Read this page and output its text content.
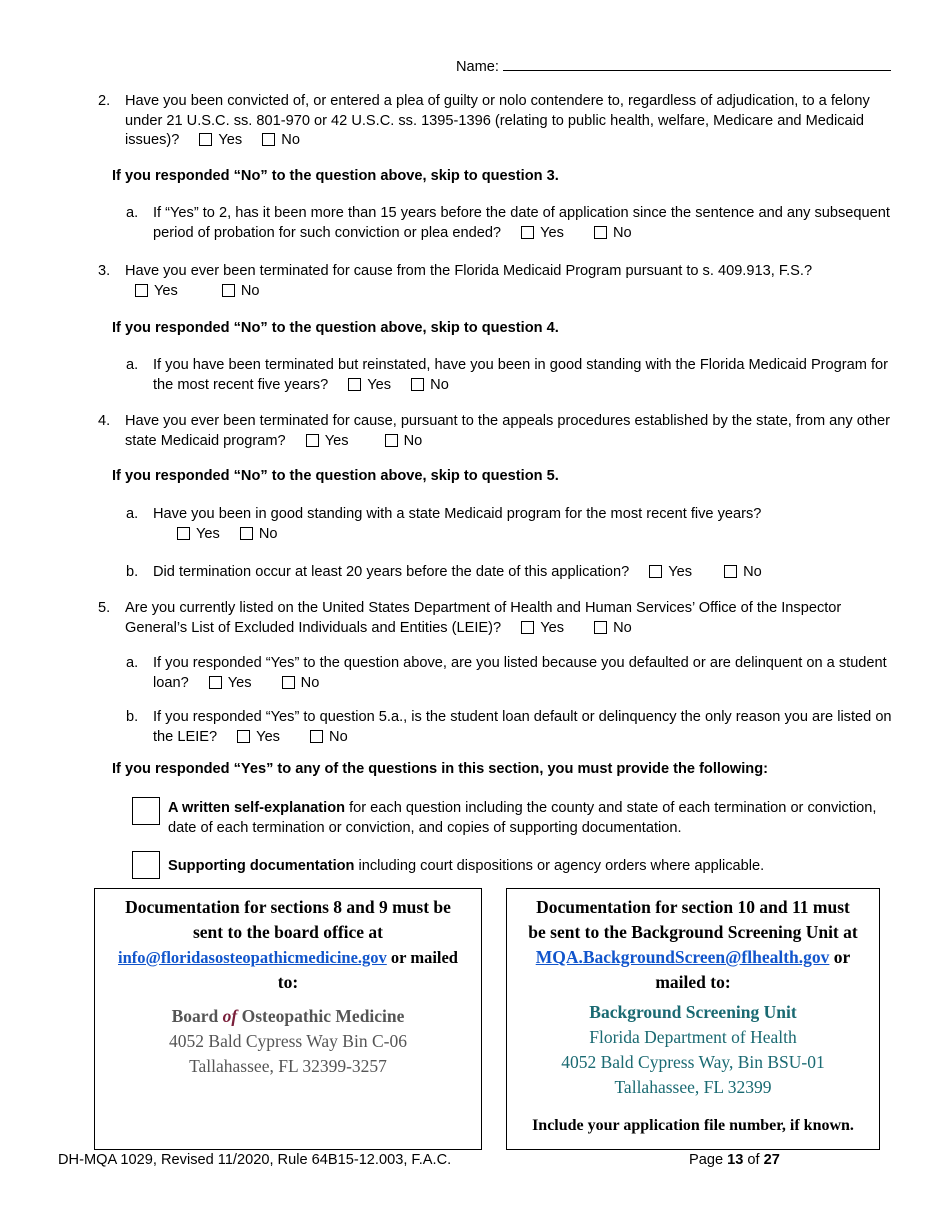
Name:
2.	Have you been convicted of, or entered a plea of guilty or nolo contendere to, regardless of adjudication, to a felony under 21 U.S.C. ss. 801-970 or 42 U.S.C. ss. 1395-1396 (relating to public health, welfare, Medicare and Medicaid issues)?	Yes	No
If you responded “No” to the question above, skip to question 3.
a. If “Yes” to 2, has it been more than 15 years before the date of application since the sentence and any subsequent period of probation for such conviction or plea ended?	Yes	No
3.	Have you ever been terminated for cause from the Florida Medicaid Program pursuant to s. 409.913, F.S.?
Yes	No
If you responded “No” to the question above, skip to question 4.
a. If you have been terminated but reinstated, have you been in good standing with the Florida Medicaid Program for the most recent five years?	Yes	No
4.	Have you ever been terminated for cause, pursuant to the appeals procedures established by the state, from any other state Medicaid program?	Yes	No
If you responded “No” to the question above, skip to question 5.
a. Have you been in good standing with a state Medicaid program for the most recent five years?
Yes	No
b. Did termination occur at least 20 years before the date of this application?	Yes	No
5.	Are you currently listed on the United States Department of Health and Human Services’ Office of the Inspector General’s List of Excluded Individuals and Entities (LEIE)?	Yes	No
a. If you responded “Yes” to the question above, are you listed because you defaulted or are delinquent on a student loan?	Yes	No
b. If you responded “Yes” to question 5.a., is the student loan default or delinquency the only reason you are listed on the LEIE?	Yes	No
If you responded “Yes” to any of the questions in this section, you must provide the following:
A written self-explanation for each question including the county and state of each termination or conviction, date of each termination or conviction, and copies of supporting documentation.
Supporting documentation including court dispositions or agency orders where applicable.
Documentation for sections 8 and 9 must be
sent to the board office at
info@floridasosteopathicmedicine.gov or mailed
to:
Board of Osteopathic Medicine
4052 Bald Cypress Way Bin C-06
Tallahassee, FL 32399-3257
Documentation for section 10 and 11 must
be sent to the Background Screening Unit at
MQA.BackgroundScreen@flhealth.gov or
mailed to:
Background Screening Unit
Florida Department of Health
4052 Bald Cypress Way, Bin BSU-01
Tallahassee, FL 32399
Include your application file number, if known.
DH-MQA 1029, Revised 11/2020, Rule 64B15-12.003, F.A.C.	Page 13 of 27
